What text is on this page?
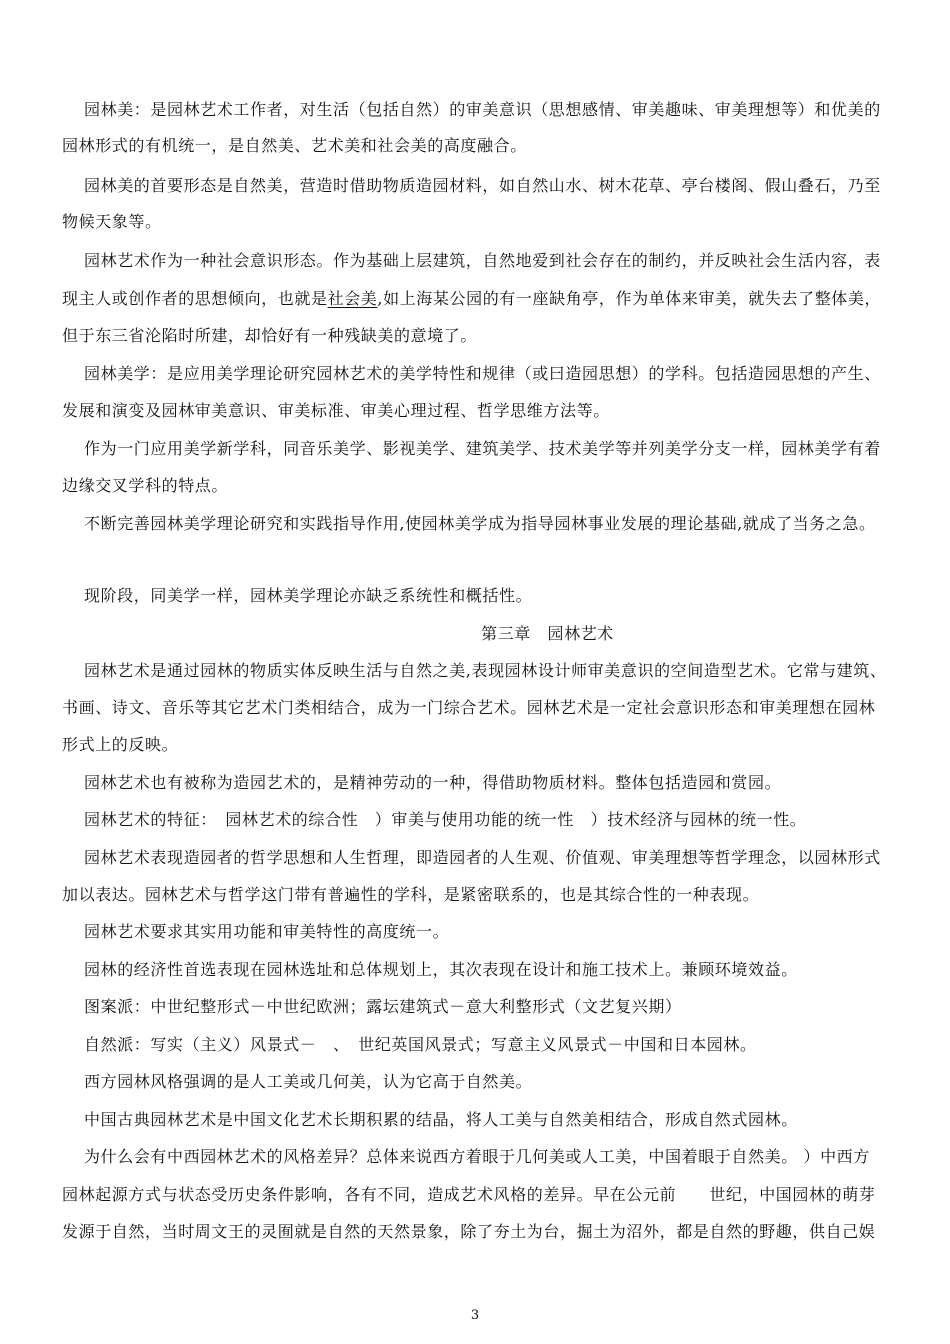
园林美：是园林艺术工作者，对生活（包括自然）的审美意识（思想感情、审美趣味、审美理想等）和优美的
园林形式的有机统一，是自然美、艺术美和社会美的高度融合。
园林美的首要形态是自然美，营造时借助物质造园材料，如自然山水、树木花草、亭台楼阁、假山叠石，乃至
物候天象等。
园林艺术作为一种社会意识形态。作为基础上层建筑，自然地爱到社会存在的制约，并反映社会生活内容，表
现主人或创作者的思想倾向，也就是社会美,如上海某公园的有一座缺角亭，作为单体来审美，就失去了整体美，
但于东三省沦陷时所建，却恰好有一种残缺美的意境了。
园林美学：是应用美学理论研究园林艺术的美学特性和规律（或曰造园思想）的学科。包括造园思想的产生、
发展和演变及园林审美意识、审美标准、审美心理过程、哲学思维方法等。
作为一门应用美学新学科，同音乐美学、影视美学、建筑美学、技术美学等并列美学分支一样，园林美学有着
边缘交叉学科的特点。
不断完善园林美学理论研究和实践指导作用,使园林美学成为指导园林事业发展的理论基础,就成了当务之急。
现阶段，同美学一样，园林美学理论亦缺乏系统性和概括性。
第三章　园林艺术
园林艺术是通过园林的物质实体反映生活与自然之美,表现园林设计师审美意识的空间造型艺术。它常与建筑、
书画、诗文、音乐等其它艺术门类相结合，成为一门综合艺术。园林艺术是一定社会意识形态和审美理想在园林
形式上的反映。
园林艺术也有被称为造园艺术的，是精神劳动的一种，得借助物质材料。整体包括造园和赏园。
园林艺术的特征：　园林艺术的综合性　）审美与使用功能的统一性　）技术经济与园林的统一性。
园林艺术表现造园者的哲学思想和人生哲理，即造园者的人生观、价值观、审美理想等哲学理念，以园林形式
加以表达。园林艺术与哲学这门带有普遍性的学科，是紧密联系的，也是其综合性的一种表现。
园林艺术要求其实用功能和审美特性的高度统一。
园林的经济性首选表现在园林选址和总体规划上，其次表现在设计和施工技术上。兼顾环境效益。
图案派：中世纪整形式－中世纪欧洲；露坛建筑式－意大利整形式（文艺复兴期）
自然派：写实（主义）风景式－　、　世纪英国风景式；写意主义风景式－中国和日本园林。
西方园林风格强调的是人工美或几何美，认为它高于自然美。
中国古典园林艺术是中国文化艺术长期积累的结晶，将人工美与自然美相结合，形成自然式园林。
为什么会有中西园林艺术的风格差异？总体来说西方着眼于几何美或人工美，中国着眼于自然美。 ）中西方
园林起源方式与状态受历史条件影响，各有不同，造成艺术风格的差异。早在公元前　　世纪，中国园林的萌芽
发源于自然，当时周文王的灵囿就是自然的天然景象，除了夯土为台，掘土为沼外，都是自然的野趣，供自己娱
3
